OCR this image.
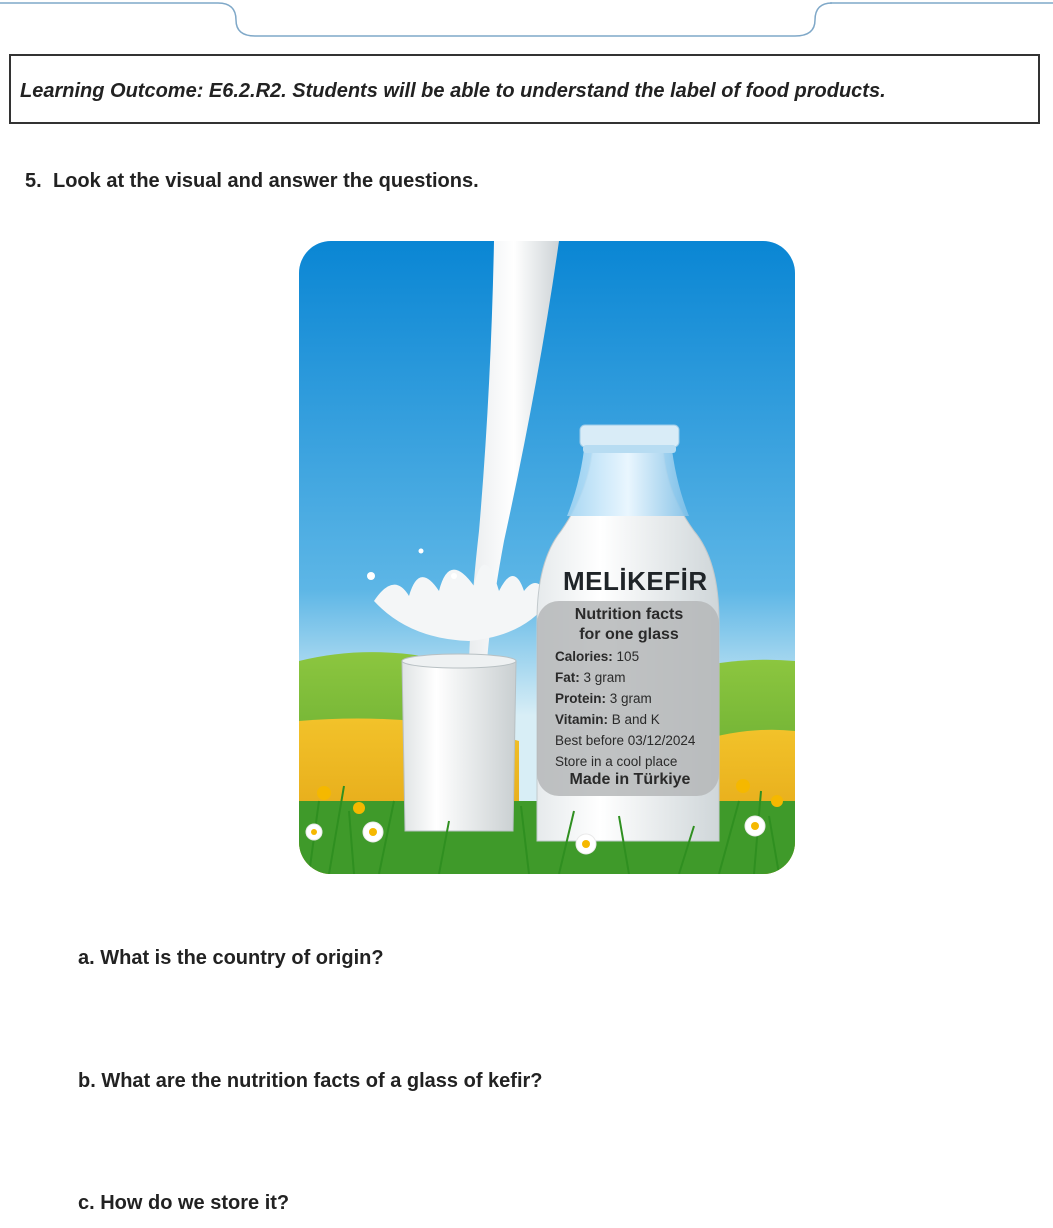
Learning Outcome: E6.2.R2. Students will be able to understand the label of food products.
5. Look at the visual and answer the questions.
MELİKEFİR
Nutrition facts
for one glass
Calories: 105
Fat: 3 gram
Protein: 3 gram
Vitamin: B and K
Best before 03/12/2024
Store in a cool place
Made in Türkiye
a. What is the country of origin?
b. What are the nutrition facts of a glass of kefir?
c. How do we store it?
